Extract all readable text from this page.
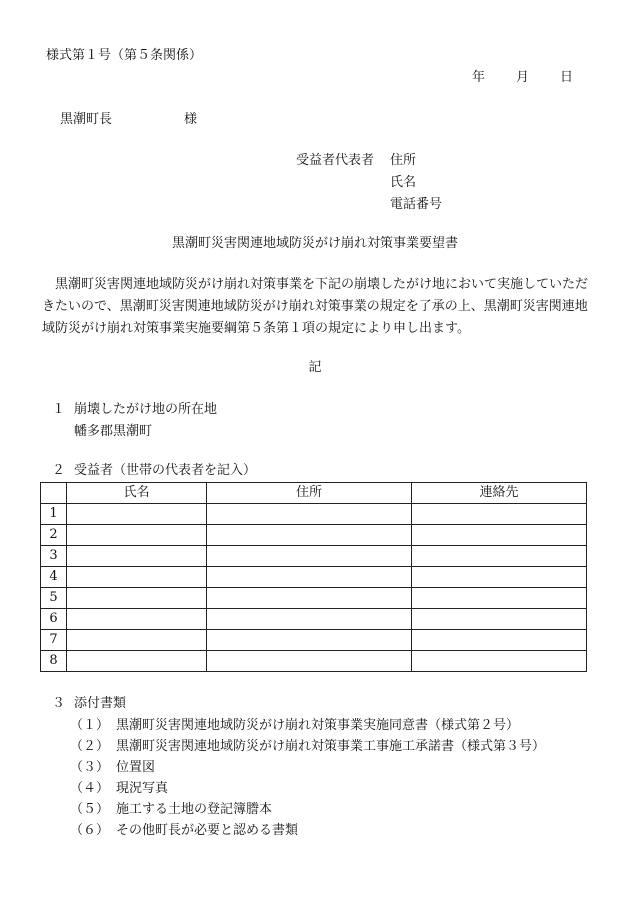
様式第１号（第５条関係）
年 月 日
黒潮町長	様
受益者代表者 住所
氏名
電話番号
黒潮町災害関連地域防災がけ崩れ対策事業要望書
黒潮町災害関連地域防災がけ崩れ対策事業を下記の崩壊したがけ地において実施していただきたいので、黒潮町災害関連地域防災がけ崩れ対策事業の規定を了承の上、黒潮町災害関連地域防災がけ崩れ対策事業実施要綱第５条第１項の規定により申し出ます。
記
１ 崩壊したがけ地の所在地
幡多郡黒潮町
２ 受益者（世帯の代表者を記入）
	氏名	住所	連絡先
1			
2			
3			
4			
5			
6			
7			
8			
３ 添付書類
（１） 黒潮町災害関連地域防災がけ崩れ対策事業実施同意書（様式第２号）
（２） 黒潮町災害関連地域防災がけ崩れ対策事業工事施工承諾書（様式第３号）
（３） 位置図
（４） 現況写真
（５） 施工する土地の登記簿謄本
（６） その他町長が必要と認める書類
